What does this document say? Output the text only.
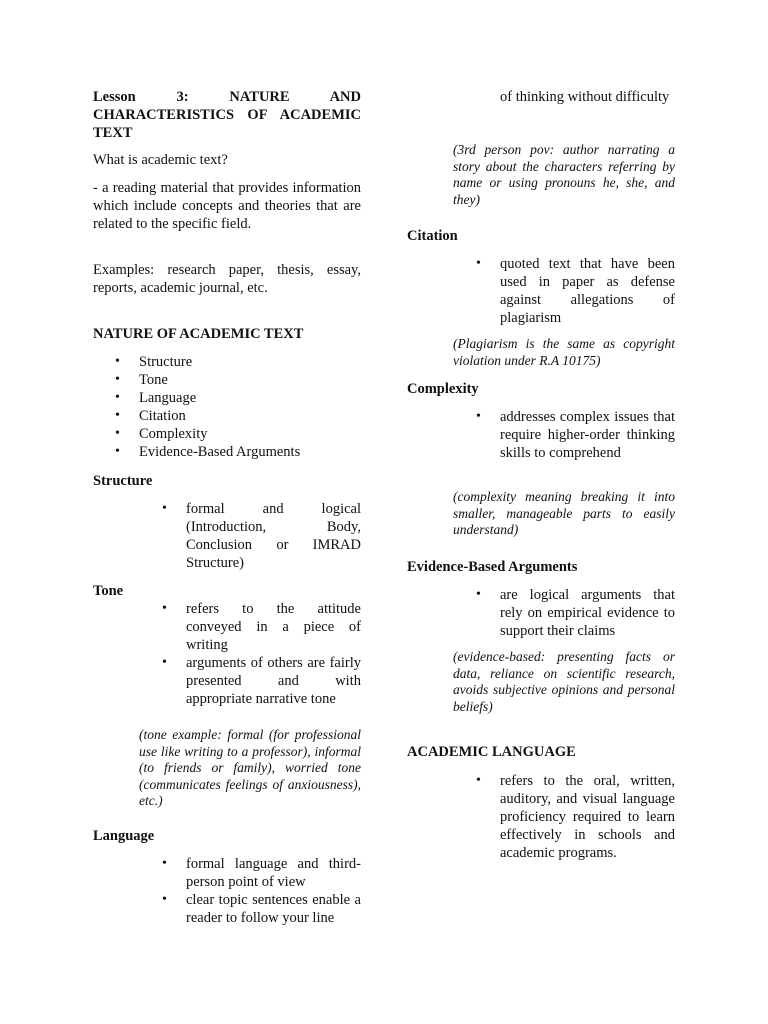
Lesson 3: NATURE AND
CHARACTERISTICS OF ACADEMIC TEXT

What is academic text?

- a reading material that provides information which include concepts and theories that are related to the specific field.

Examples: research paper, thesis, essay, reports, academic journal, etc.

NATURE OF ACADEMIC TEXT

• Structure
• Tone
• Language
• Citation
• Complexity
• Evidence-Based Arguments

Structure

• formal and logical (Introduction, Body, Conclusion or IMRAD Structure)

Tone

• refers to the attitude conveyed in a piece of writing
• arguments of others are fairly presented and with appropriate narrative tone

(tone example: formal (for professional use like writing to a professor), informal (to friends or family), worried tone (communicates feelings of anxiousness), etc.)

Language

• formal language and third-person point of view
• clear topic sentences enable a reader to follow your line

of thinking without difficulty

(3rd person pov: author narrating a story about the characters referring by name or using pronouns he, she, and they)

Citation

• quoted text that have been used in paper as defense against allegations of plagiarism

(Plagiarism is the same as copyright violation under R.A 10175)

Complexity

• addresses complex issues that require higher-order thinking skills to comprehend

(complexity meaning breaking it into smaller, manageable parts to easily understand)

Evidence-Based Arguments

• are logical arguments that rely on empirical evidence to support their claims

(evidence-based: presenting facts or data, reliance on scientific research, avoids subjective opinions and personal beliefs)

ACADEMIC LANGUAGE

• refers to the oral, written, auditory, and visual language proficiency required to learn effectively in schools and academic programs.
